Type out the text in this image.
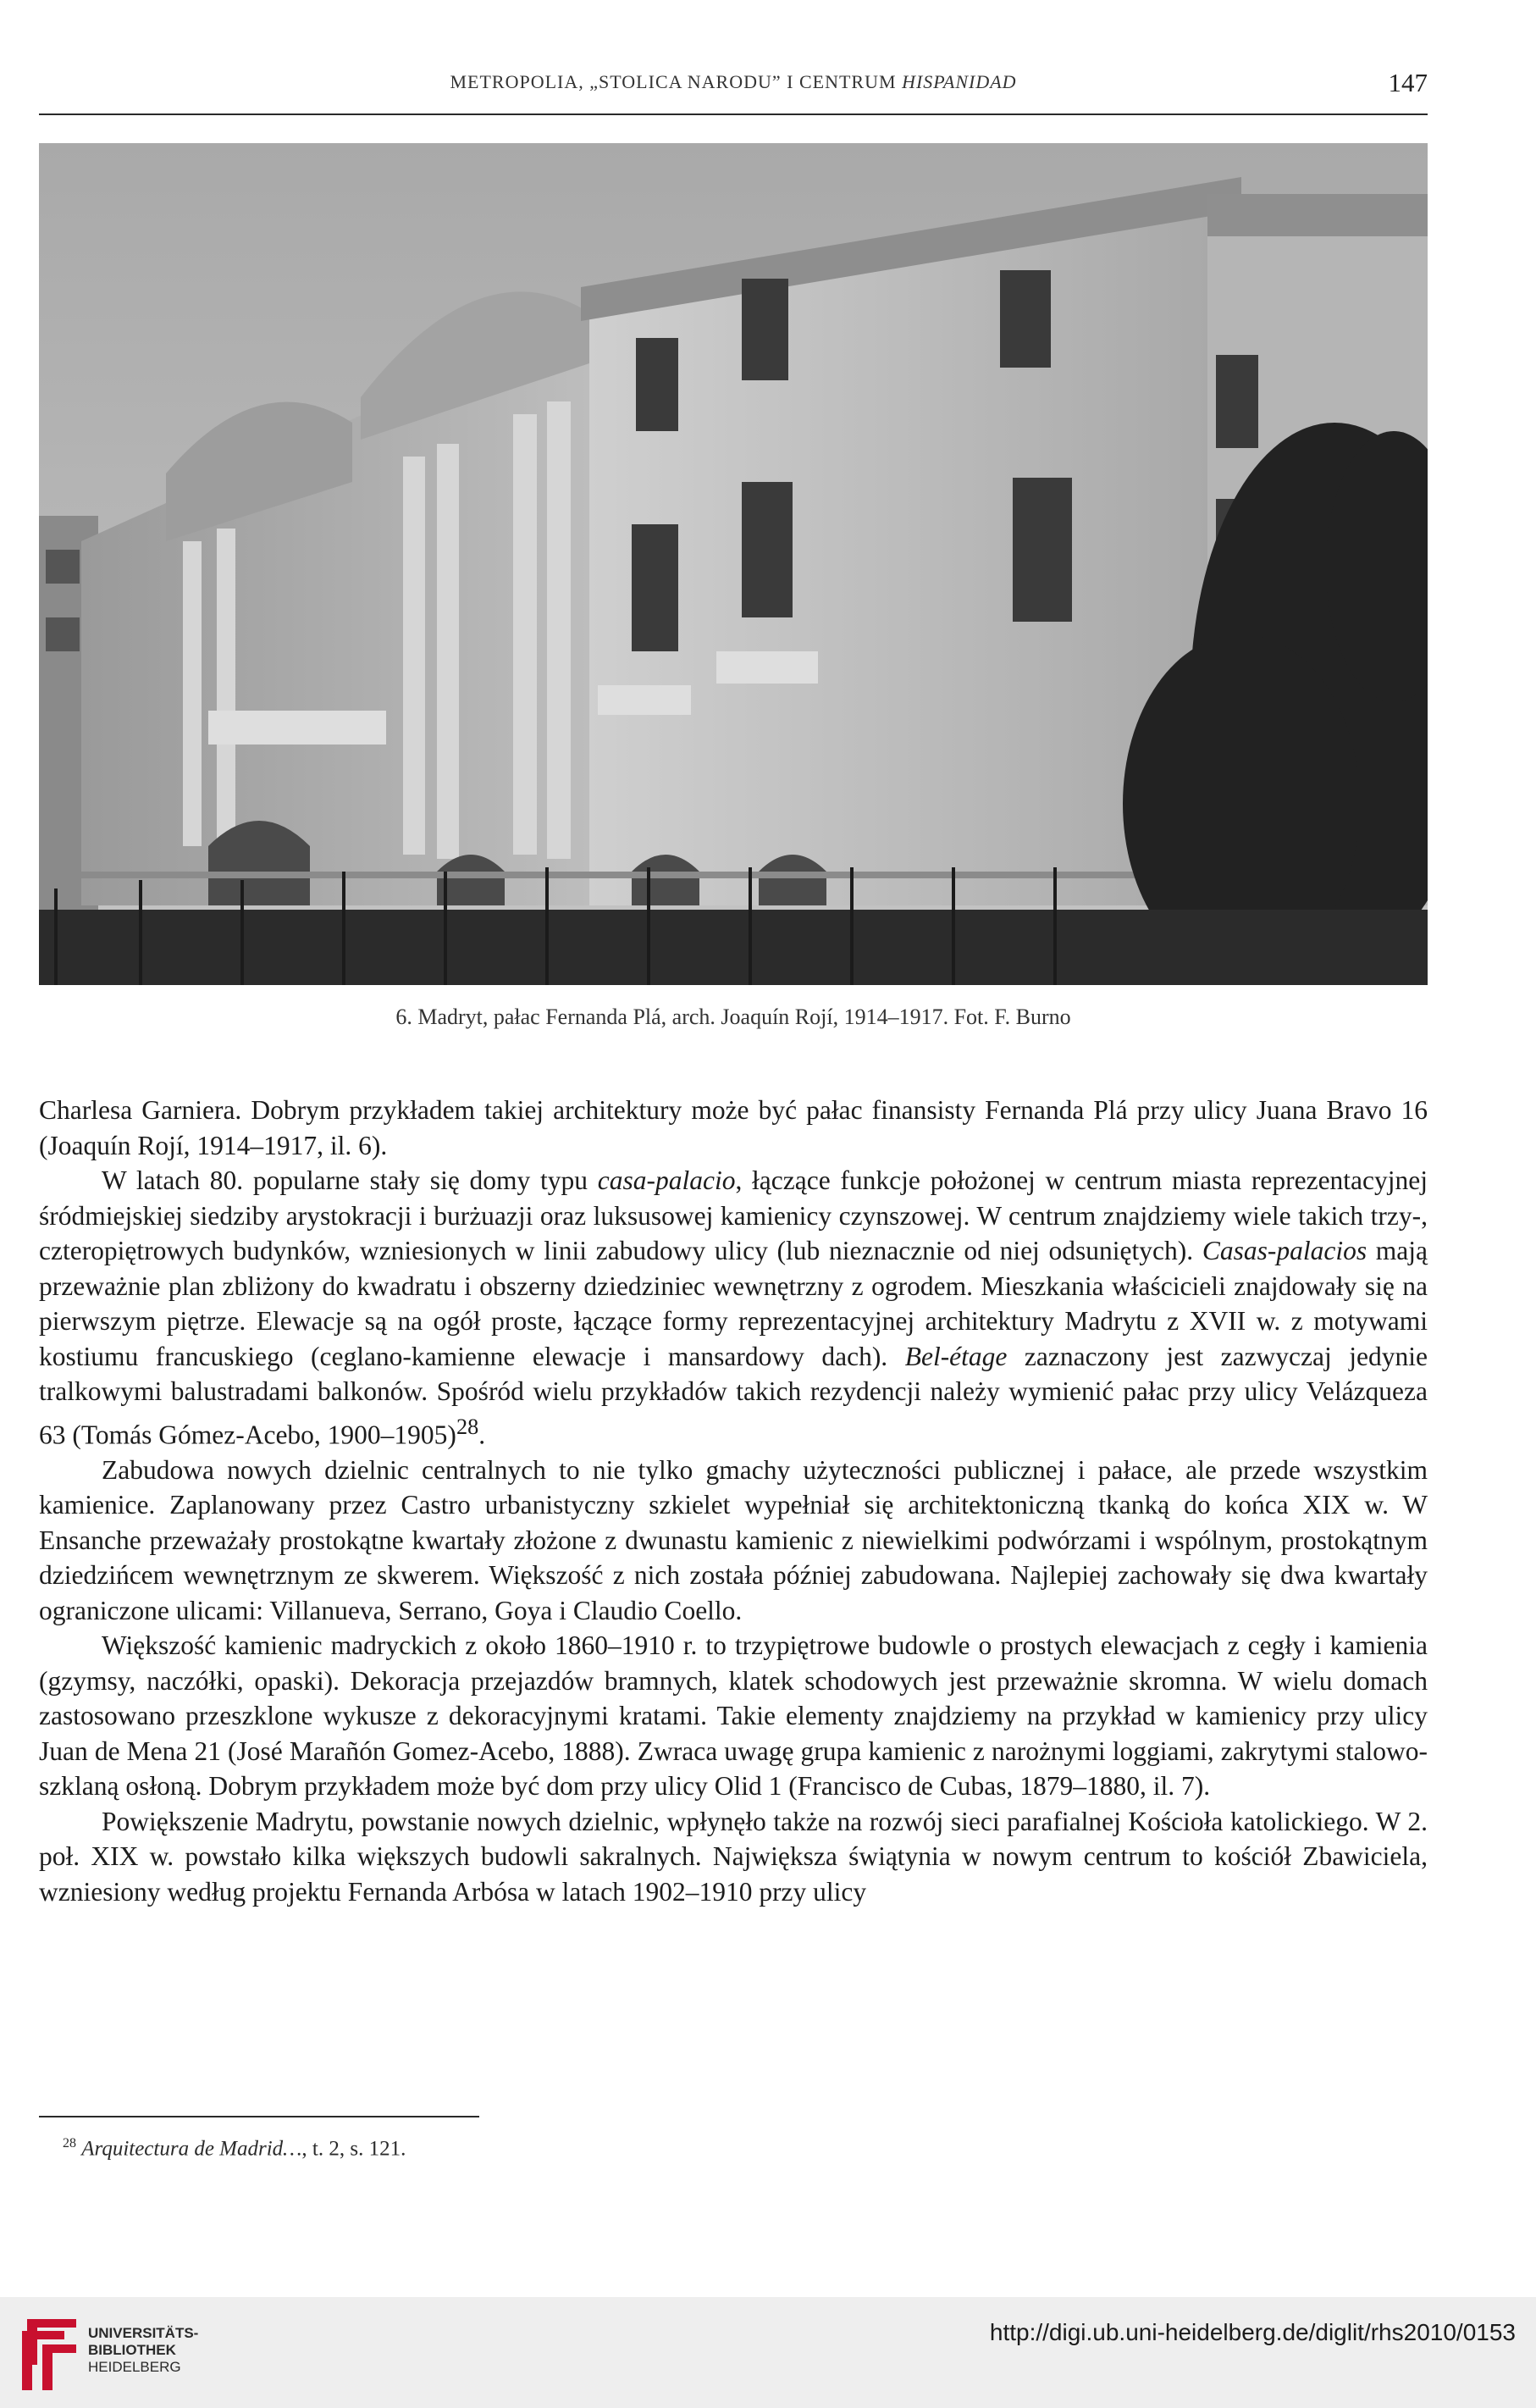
METROPOLIA, „STOLICA NARODU” I CENTRUM HISPANIDAD	147
6. Madryt, pałac Fernanda Plá, arch. Joaquín Rojí, 1914–1917. Fot. F. Burno

Charlesa Garniera. Dobrym przykładem takiej architektury może być pałac finansisty Fernanda Plá przy ulicy Juana Bravo 16 (Joaquín Rojí, 1914–1917, il. 6).

W latach 80. popularne stały się domy typu casa-palacio, łączące funkcje położonej w centrum miasta reprezentacyjnej śródmiejskiej siedziby arystokracji i burżuazji oraz luksusowej kamienicy czynszowej. W centrum znajdziemy wiele takich trzy-, czteropiętrowych budynków, wzniesionych w linii zabudowy ulicy (lub nieznacznie od niej odsuniętych). Casas-palacios mają przeważnie plan zbliżony do kwadratu i obszerny dziedziniec wewnętrzny z ogrodem. Mieszkania właścicieli znajdowały się na pierwszym piętrze. Elewacje są na ogół proste, łączące formy reprezentacyjnej architektury Madrytu z XVII w. z motywami kostiumu francuskiego (ceglano-kamienne elewacje i mansardowy dach). Bel-étage zaznaczony jest zazwyczaj jedynie tralkowymi balustradami balkonów. Spośród wielu przykładów takich rezydencji należy wymienić pałac przy ulicy Velázqueza 63 (Tomás Gómez-Acebo, 1900–1905)$^{28}$.

Zabudowa nowych dzielnic centralnych to nie tylko gmachy użyteczności publicznej i pałace, ale przede wszystkim kamienice. Zaplanowany przez Castro urbanistyczny szkielet wypełniał się architektoniczną tkanką do końca XIX w. W Ensanche przeważały prostokątne kwartały złożone z dwunastu kamienic z niewielkimi podwórzami i wspólnym, prostokątnym dziedzińcem wewnętrznym ze skwerem. Większość z nich została później zabudowana. Najlepiej zachowały się dwa kwartały ograniczone ulicami: Villanueva, Serrano, Goya i Claudio Coello.

Większość kamienic madryckich z około 1860–1910 r. to trzypiętrowe budowle o prostych elewacjach z cegły i kamienia (gzymsy, naczółki, opaski). Dekoracja przejazdów bramnych, klatek schodowych jest przeważnie skromna. W wielu domach zastosowano przeszklone wykusze z dekoracyjnymi kratami. Takie elementy znajdziemy na przykład w kamienicy przy ulicy Juan de Mena 21 (José Marañón Gomez-Acebo, 1888). Zwraca uwagę grupa kamienic z narożnymi loggiami, zakrytymi stalowo-szklaną osłoną. Dobrym przykładem może być dom przy ulicy Olid 1 (Francisco de Cubas, 1879–1880, il. 7).

Powiększenie Madrytu, powstanie nowych dzielnic, wpłynęło także na rozwój sieci parafialnej Kościoła katolickiego. W 2. poł. XIX w. powstało kilka większych budowli sakralnych. Największa świątynia w nowym centrum to kościół Zbawiciela, wzniesiony według projektu Fernanda Arbósa w latach 1902–1910 przy ulicy

$^{28}$ Arquitectura de Madrid…, t. 2, s. 121.
UNIVERSITÄTS-
BIBLIOTHEK
HEIDELBERG
http://digi.ub.uni-heidelberg.de/diglit/rhs2010/0153
